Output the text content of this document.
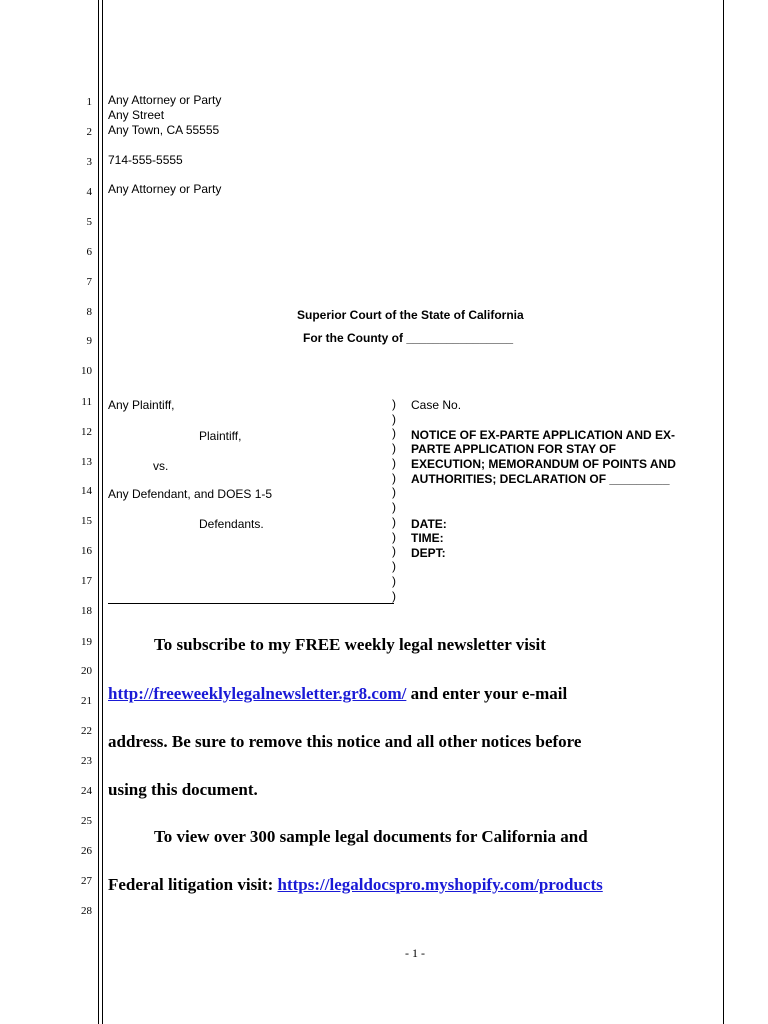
1
2
3
4
5
6
7
8
9
10
11
12
13
14
15
16
17
18
19
20
21
22
23
24
25
26
27
28
Any Attorney or Party
Any Street
Any Town, CA 55555
714-555-5555
Any Attorney or Party
Superior Court of the State of California
For the County of ________________
Any Plaintiff,
Plaintiff,
vs.
Any Defendant, and DOES 1-5
Defendants.
)
)
)
)
)
)
)
)
)
)
)
)
)
)
Case No.
NOTICE OF EX-PARTE APPLICATION AND EX-
PARTE APPLICATION FOR STAY OF
EXECUTION; MEMORANDUM OF POINTS AND
AUTHORITIES; DECLARATION OF _________
DATE:
TIME:
DEPT:
To subscribe to my FREE weekly legal newsletter visit
http://freeweeklylegalnewsletter.gr8.com/ and enter your e-mail
address. Be sure to remove this notice and all other notices before
using this document.
To view over 300 sample legal documents for California and
Federal litigation visit: https://legaldocspro.myshopify.com/products
- 1 -
